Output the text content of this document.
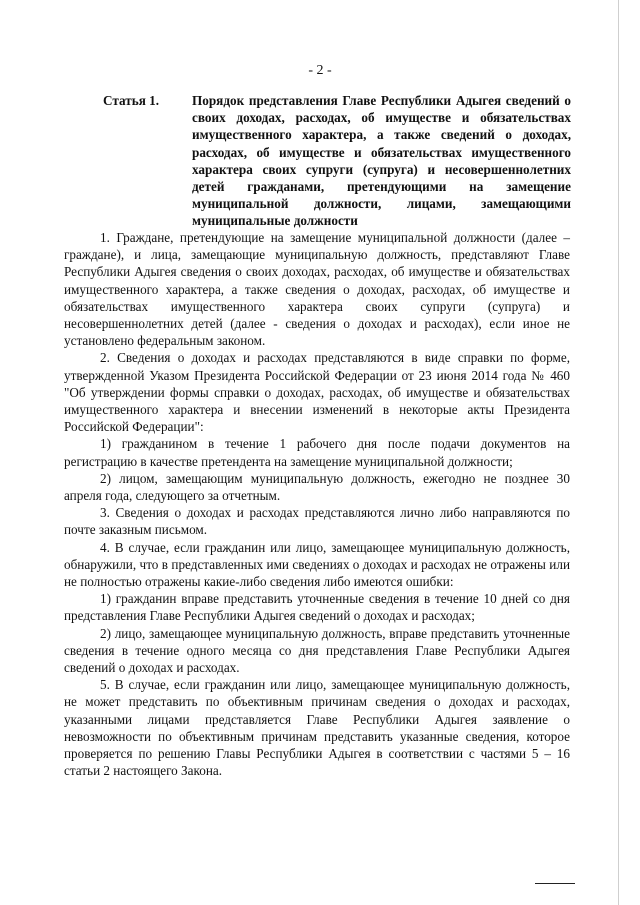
- 2 -
Статья 1. Порядок представления Главе Республики Адыгея сведений о своих доходах, расходах, об имуществе и обязательствах имущественного характера, а также сведений о доходах, расходах, об имуществе и обязательствах имущественного характера своих супруги (супруга) и несовершеннолетних детей гражданами, претендующими на замещение муниципальной должности, лицами, замещающими муниципальные должности

1. Граждане, претендующие на замещение муниципальной должности (далее – граждане), и лица, замещающие муниципальную должность, представляют Главе Республики Адыгея сведения о своих доходах, расходах, об имуществе и обязательствах имущественного характера, а также сведения о доходах, расходах, об имуществе и обязательствах имущественного характера своих супруги (супруга) и несовершеннолетних детей (далее - сведения о доходах и расходах), если иное не установлено федеральным законом.

2. Сведения о доходах и расходах представляются в виде справки по форме, утвержденной Указом Президента Российской Федерации от 23 июня 2014 года № 460 "Об утверждении формы справки о доходах, расходах, об имуществе и обязательствах имущественного характера и внесении изменений в некоторые акты Президента Российской Федерации":

1) гражданином в течение 1 рабочего дня после подачи документов на регистрацию в качестве претендента на замещение муниципальной должности;

2) лицом, замещающим муниципальную должность, ежегодно не позднее 30 апреля года, следующего за отчетным.

3. Сведения о доходах и расходах представляются лично либо направляются по почте заказным письмом.

4. В случае, если гражданин или лицо, замещающее муниципальную должность, обнаружили, что в представленных ими сведениях о доходах и расходах не отражены или не полностью отражены какие-либо сведения либо имеются ошибки:

1) гражданин вправе представить уточненные сведения в течение 10 дней со дня представления Главе Республики Адыгея сведений о доходах и расходах;

2) лицо, замещающее муниципальную должность, вправе представить уточненные сведения в течение одного месяца со дня представления Главе Республики Адыгея сведений о доходах и расходах.

5. В случае, если гражданин или лицо, замещающее муниципальную должность, не может представить по объективным причинам сведения о доходах и расходах, указанными лицами представляется Главе Республики Адыгея заявление о невозможности по объективным причинам представить указанные сведения, которое проверяется по решению Главы Республики Адыгея в соответствии с частями 5 – 16 статьи 2 настоящего Закона.
